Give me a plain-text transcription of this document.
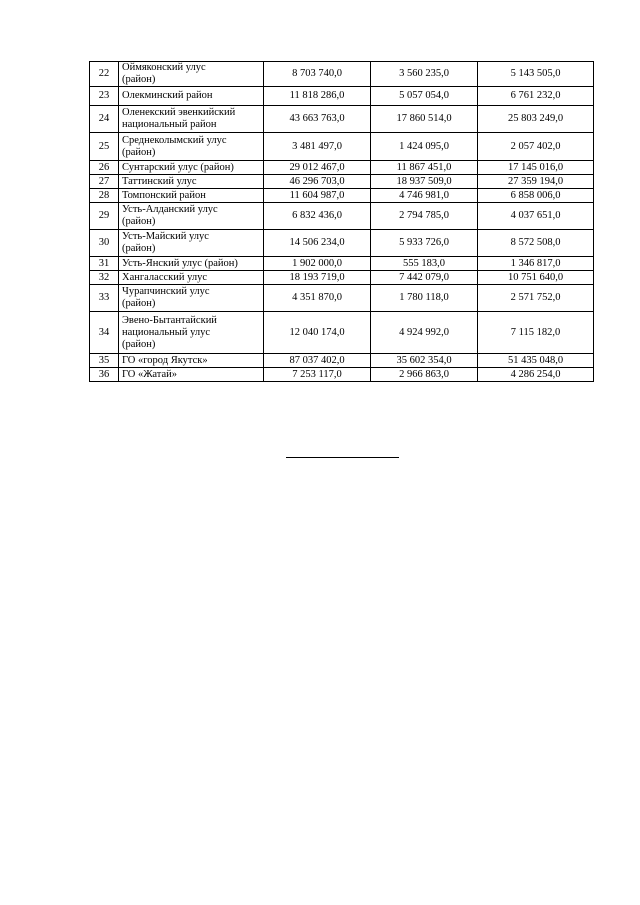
22	Оймяконский улус
(район)	8 703 740,0	3 560 235,0	5 143 505,0
23	Олекминский район	11 818 286,0	5 057 054,0	6 761 232,0
24	Оленекский эвенкийский
национальный район	43 663 763,0	17 860 514,0	25 803 249,0
25	Среднеколымский улус
(район)	3 481 497,0	1 424 095,0	2 057 402,0
26	Сунтарский улус (район)	29 012 467,0	11 867 451,0	17 145 016,0
27	Таттинский улус	46 296 703,0	18 937 509,0	27 359 194,0
28	Томпонский район	11 604 987,0	4 746 981,0	6 858 006,0
29	Усть-Алданский улус
(район)	6 832 436,0	2 794 785,0	4 037 651,0
30	Усть-Майский улус
(район)	14 506 234,0	5 933 726,0	8 572 508,0
31	Усть-Янский улус (район)	1 902 000,0	555 183,0	1 346 817,0
32	Хангаласский улус	18 193 719,0	7 442 079,0	10 751 640,0
33	Чурапчинский улус
(район)	4 351 870,0	1 780 118,0	2 571 752,0
34	Эвено-Бытантайский
национальный улус
(район)	12 040 174,0	4 924 992,0	7 115 182,0
35	ГО «город Якутск»	87 037 402,0	35 602 354,0	51 435 048,0
36	ГО «Жатай»	7 253 117,0	2 966 863,0	4 286 254,0
